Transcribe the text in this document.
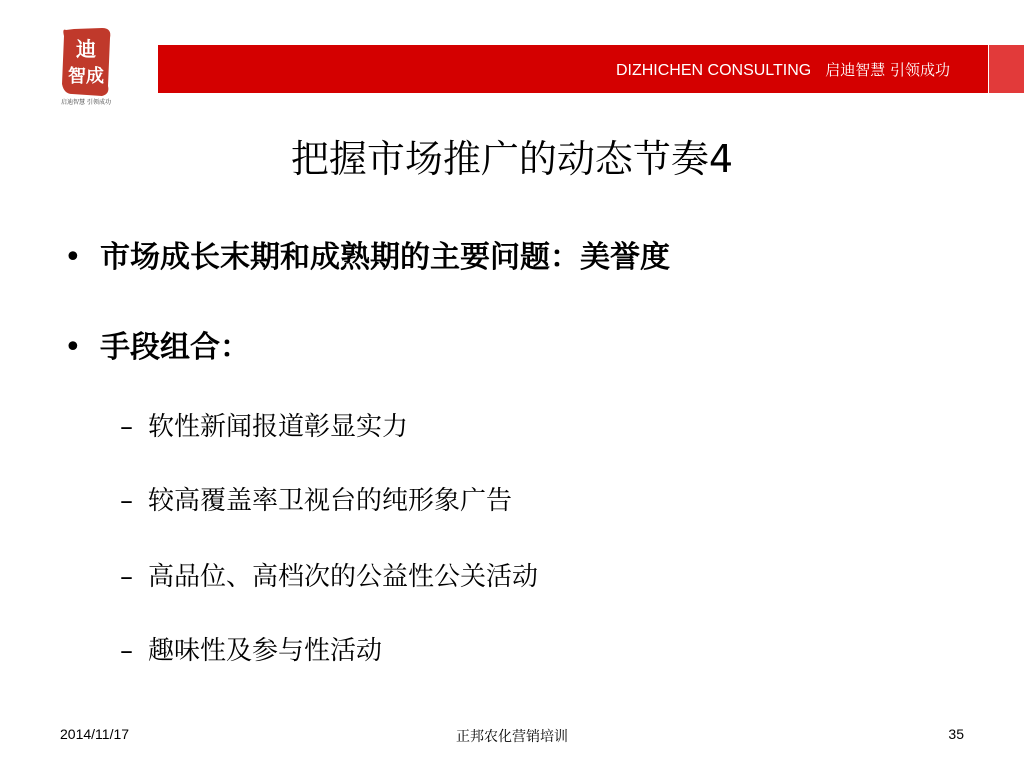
迪
智成
启迪智慧 引领成功
DIZHICHEN CONSULTING 启迪智慧 引领成功
把握市场推广的动态节奏4
• 市场成长末期和成熟期的主要问题：美誉度
• 手段组合：
– 软性新闻报道彰显实力
– 较高覆盖率卫视台的纯形象广告
– 高品位、高档次的公益性公关活动
– 趣味性及参与性活动
2014/11/17	正邦农化营销培训	35
